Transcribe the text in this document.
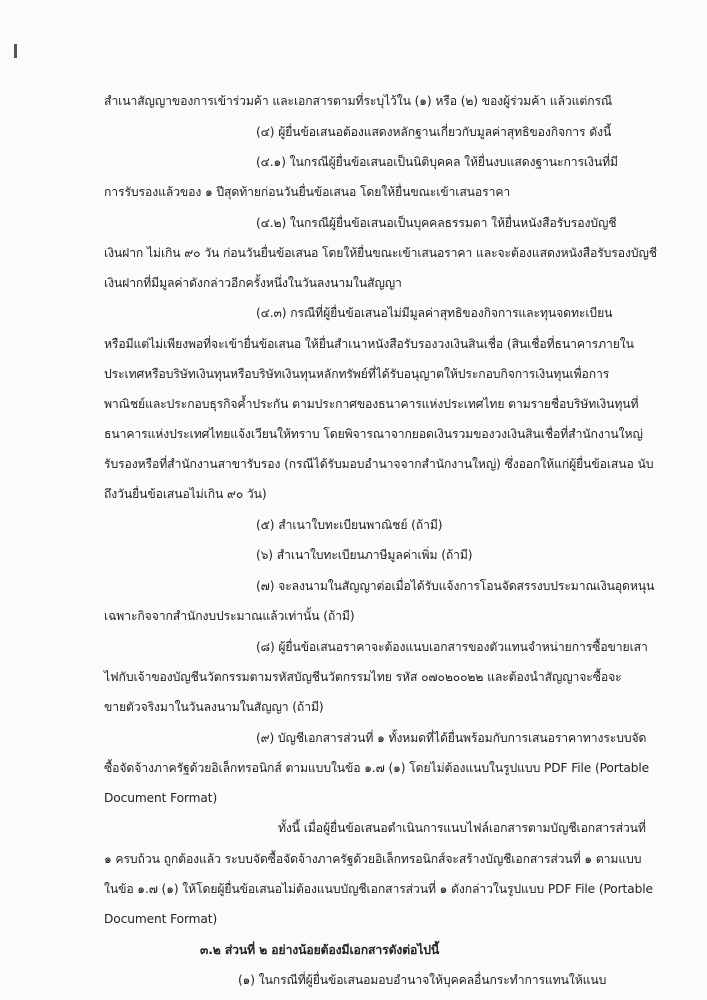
สำเนาสัญญาของการเข้าร่วมค้า และเอกสารตามที่ระบุไว้ใน (๑) หรือ (๒) ของผู้ร่วมค้า แล้วแต่กรณี
(๔) ผู้ยื่นข้อเสนอต้องแสดงหลักฐานเกี่ยวกับมูลค่าสุทธิของกิจการ ดังนี้
(๔.๑) ในกรณีผู้ยื่นข้อเสนอเป็นนิติบุคคล ให้ยื่นงบแสดงฐานะการเงินที่มี
การรับรองแล้วของ ๑ ปีสุดท้ายก่อนวันยื่นข้อเสนอ โดยให้ยื่นขณะเข้าเสนอราคา
(๔.๒) ในกรณีผู้ยื่นข้อเสนอเป็นบุคคลธรรมดา ให้ยื่นหนังสือรับรองบัญชี
เงินฝาก ไม่เกิน ๙๐ วัน ก่อนวันยื่นข้อเสนอ โดยให้ยื่นขณะเข้าเสนอราคา และจะต้องแสดงหนังสือรับรองบัญชี
เงินฝากที่มีมูลค่าดังกล่าวอีกครั้งหนึ่งในวันลงนามในสัญญา
(๔.๓) กรณีที่ผู้ยื่นข้อเสนอไม่มีมูลค่าสุทธิของกิจการและทุนจดทะเบียน
หรือมีแต่ไม่เพียงพอที่จะเข้ายื่นข้อเสนอ ให้ยื่นสำเนาหนังสือรับรองวงเงินสินเชื่อ (สินเชื่อที่ธนาคารภายใน
ประเทศหรือบริษัทเงินทุนหรือบริษัทเงินทุนหลักทรัพย์ที่ได้รับอนุญาตให้ประกอบกิจการเงินทุนเพื่อการ
พาณิชย์และประกอบธุรกิจค้ำประกัน ตามประกาศของธนาคารแห่งประเทศไทย ตามรายชื่อบริษัทเงินทุนที่
ธนาคารแห่งประเทศไทยแจ้งเวียนให้ทราบ โดยพิจารณาจากยอดเงินรวมของวงเงินสินเชื่อที่สำนักงานใหญ่
รับรองหรือที่สำนักงานสาขารับรอง (กรณีได้รับมอบอำนาจจากสำนักงานใหญ่) ซึ่งออกให้แก่ผู้ยื่นข้อเสนอ นับ
ถึงวันยื่นข้อเสนอไม่เกิน ๙๐ วัน)
(๕) สำเนาใบทะเบียนพาณิชย์ (ถ้ามี)
(๖) สำเนาใบทะเบียนภาษีมูลค่าเพิ่ม (ถ้ามี)
(๗) จะลงนามในสัญญาต่อเมื่อได้รับแจ้งการโอนจัดสรรงบประมาณเงินอุดหนุน
เฉพาะกิจจากสำนักงบประมาณแล้วเท่านั้น (ถ้ามี)
(๘) ผู้ยื่นข้อเสนอราคาจะต้องแนบเอกสารของตัวแทนจำหน่ายการซื้อขายเสา
ไฟกับเจ้าของบัญชีนวัตกรรมตามรหัสบัญชีนวัตกรรมไทย รหัส ๐๗๐๒๐๐๒๒ และต้องนำสัญญาจะซื้อจะ
ขายตัวจริงมาในวันลงนามในสัญญา (ถ้ามี)
(๙) บัญชีเอกสารส่วนที่ ๑ ทั้งหมดที่ได้ยื่นพร้อมกับการเสนอราคาทางระบบจัด
ซื้อจัดจ้างภาครัฐด้วยอิเล็กทรอนิกส์ ตามแบบในข้อ ๑.๗ (๑) โดยไม่ต้องแนบในรูปแบบ PDF File (Portable
Document Format)
ทั้งนี้ เมื่อผู้ยื่นข้อเสนอดำเนินการแนบไฟล์เอกสารตามบัญชีเอกสารส่วนที่
๑ ครบถ้วน ถูกต้องแล้ว ระบบจัดซื้อจัดจ้างภาครัฐด้วยอิเล็กทรอนิกส์จะสร้างบัญชีเอกสารส่วนที่ ๑ ตามแบบ
ในข้อ ๑.๗ (๑) ให้โดยผู้ยื่นข้อเสนอไม่ต้องแนบบัญชีเอกสารส่วนที่ ๑ ดังกล่าวในรูปแบบ PDF File (Portable
Document Format)
๓.๒ ส่วนที่ ๒ อย่างน้อยต้องมีเอกสารดังต่อไปนี้
(๑) ในกรณีที่ผู้ยื่นข้อเสนอมอบอำนาจให้บุคคลอื่นกระทำการแทนให้แนบ
